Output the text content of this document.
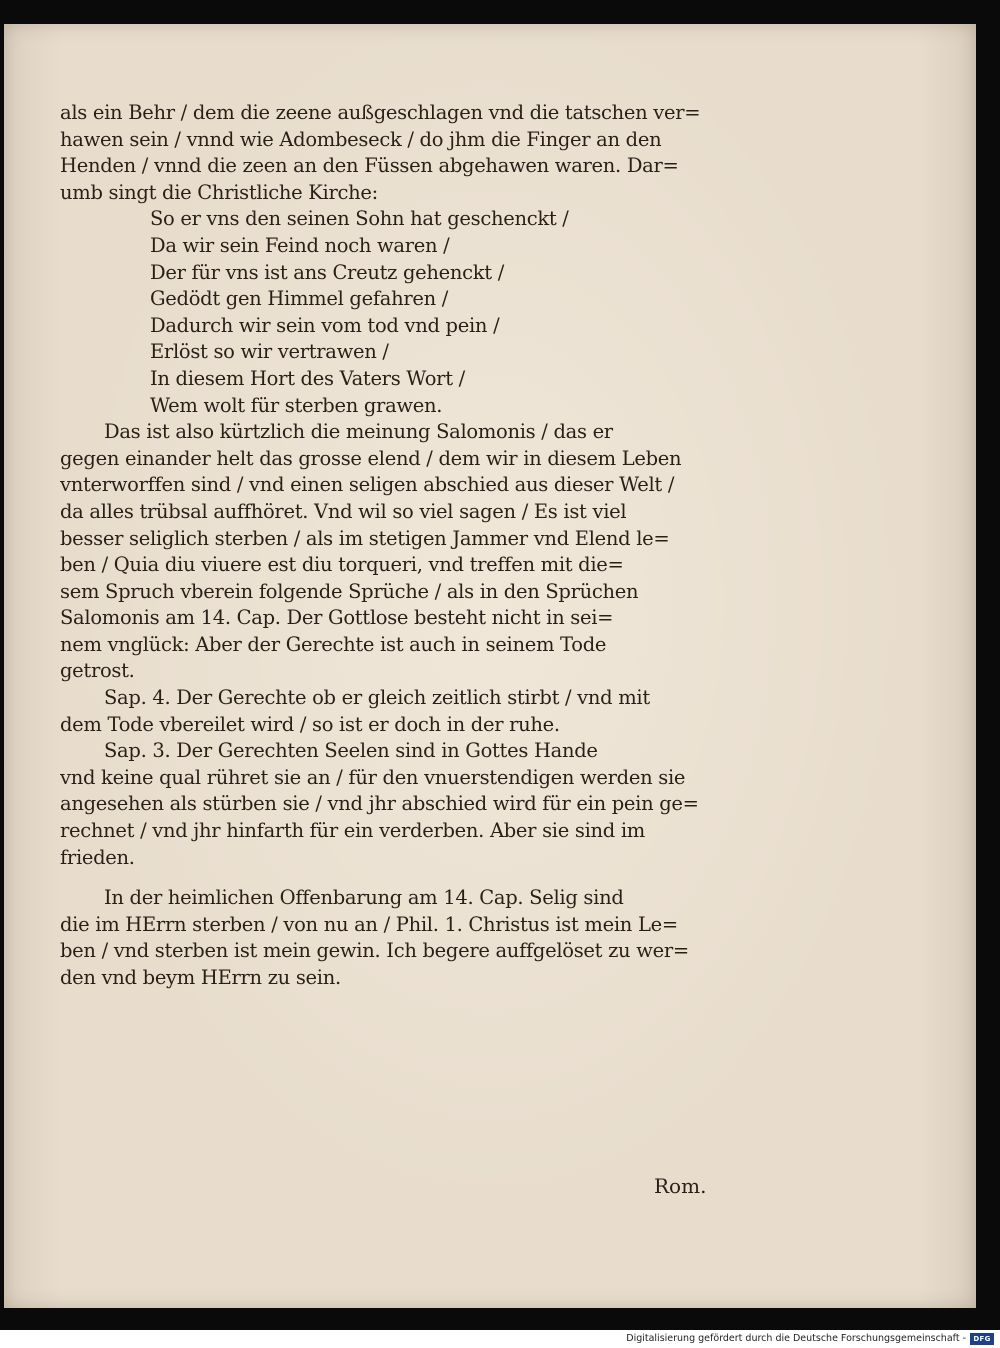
als ein Behr / dem die zeene außgeschlagen vnd die tatschen ver=
hawen sein / vnnd wie Adombeseck / do jhm die Finger an den
Henden / vnnd die zeen an den Füssen abgehawen waren. Dar=
umb singt die Christliche Kirche:
So er vns den seinen Sohn hat geschenckt /
Da wir sein Feind noch waren /
Der für vns ist ans Creutz gehenckt /
Gedödt gen Himmel gefahren /
Dadurch wir sein vom tod vnd pein /
Erlöst so wir vertrawen /
In diesem Hort des Vaters Wort /
Wem wolt für sterben grawen.
Das ist also kürtzlich die meinung Salomonis / das er
gegen einander helt das grosse elend / dem wir in diesem Leben
vnterworffen sind / vnd einen seligen abschied aus dieser Welt /
da alles trübsal auffhöret. Vnd wil so viel sagen / Es ist viel
besser seliglich sterben / als im stetigen Jammer vnd Elend le=
ben / Quia diu viuere est diu torqueri, vnd treffen mit die=
sem Spruch vberein folgende Sprüche / als in den Sprüchen
Salomonis am 14. Cap. Der Gottlose besteht nicht in sei=
nem vnglück: Aber der Gerechte ist auch in seinem Tode
getrost.
Sap. 4. Der Gerechte ob er gleich zeitlich stirbt / vnd mit
dem Tode vbereilet wird / so ist er doch in der ruhe.
Sap. 3. Der Gerechten Seelen sind in Gottes Hande
vnd keine qual rühret sie an / für den vnuerstendigen werden sie
angesehen als stürben sie / vnd jhr abschied wird für ein pein ge=
rechnet / vnd jhr hinfarth für ein verderben. Aber sie sind im
frieden.
In der heimlichen Offenbarung am 14. Cap. Selig sind
die im HErrn sterben / von nu an / Phil. 1. Christus ist mein Le=
ben / vnd sterben ist mein gewin. Ich begere auffgelöset zu wer=
den vnd beym HErrn zu sein.
Rom.
Digitalisierung gefördert durch die Deutsche Forschungsgemeinschaft -	DFG
